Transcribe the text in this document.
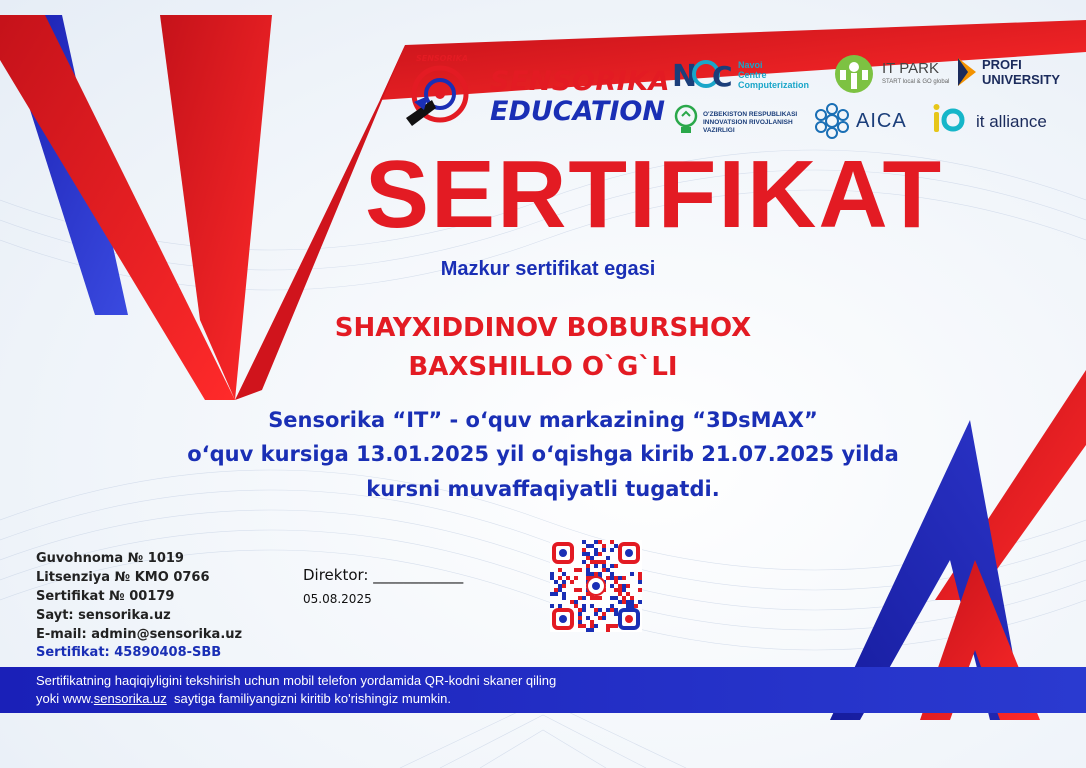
SENSORIKA
SENSORIKA
EDUCATION
N C Navoi
Centre
Computerization
IT PARK
START local & GO global
PROFI
UNIVERSITY
O'ZBEKISTON RESPUBLIKASI
INNOVATSION RIVOJLANISH
VAZIRLIGI	AICA	it alliance
SERTIFIKAT
Mazkur sertifikat egasi
SHAYXIDDINOV BOBURSHOX
BAXSHILLO O`G`LI
Sensorika “IT” - o‘quv markazining “3DsMAX”
o‘quv kursiga 13.01.2025 yil o‘qishga kirib 21.07.2025 yilda
kursni muvaffaqiyatli tugatdi.
Guvohnoma № 1019
Litsenziya № KMO 0766
Sertifikat № 00179
Sayt: sensorika.uz
E-mail: admin@sensorika.uz
Sertifikat: 45890408-SBB
Direktor: ____________
05.08.2025
Sertifikatning haqiqiyligini tekshirish uchun mobil telefon yordamida QR-kodni skaner qiling
yoki www.sensorika.uz  saytiga familiyangizni kiritib ko'rishingiz mumkin.
